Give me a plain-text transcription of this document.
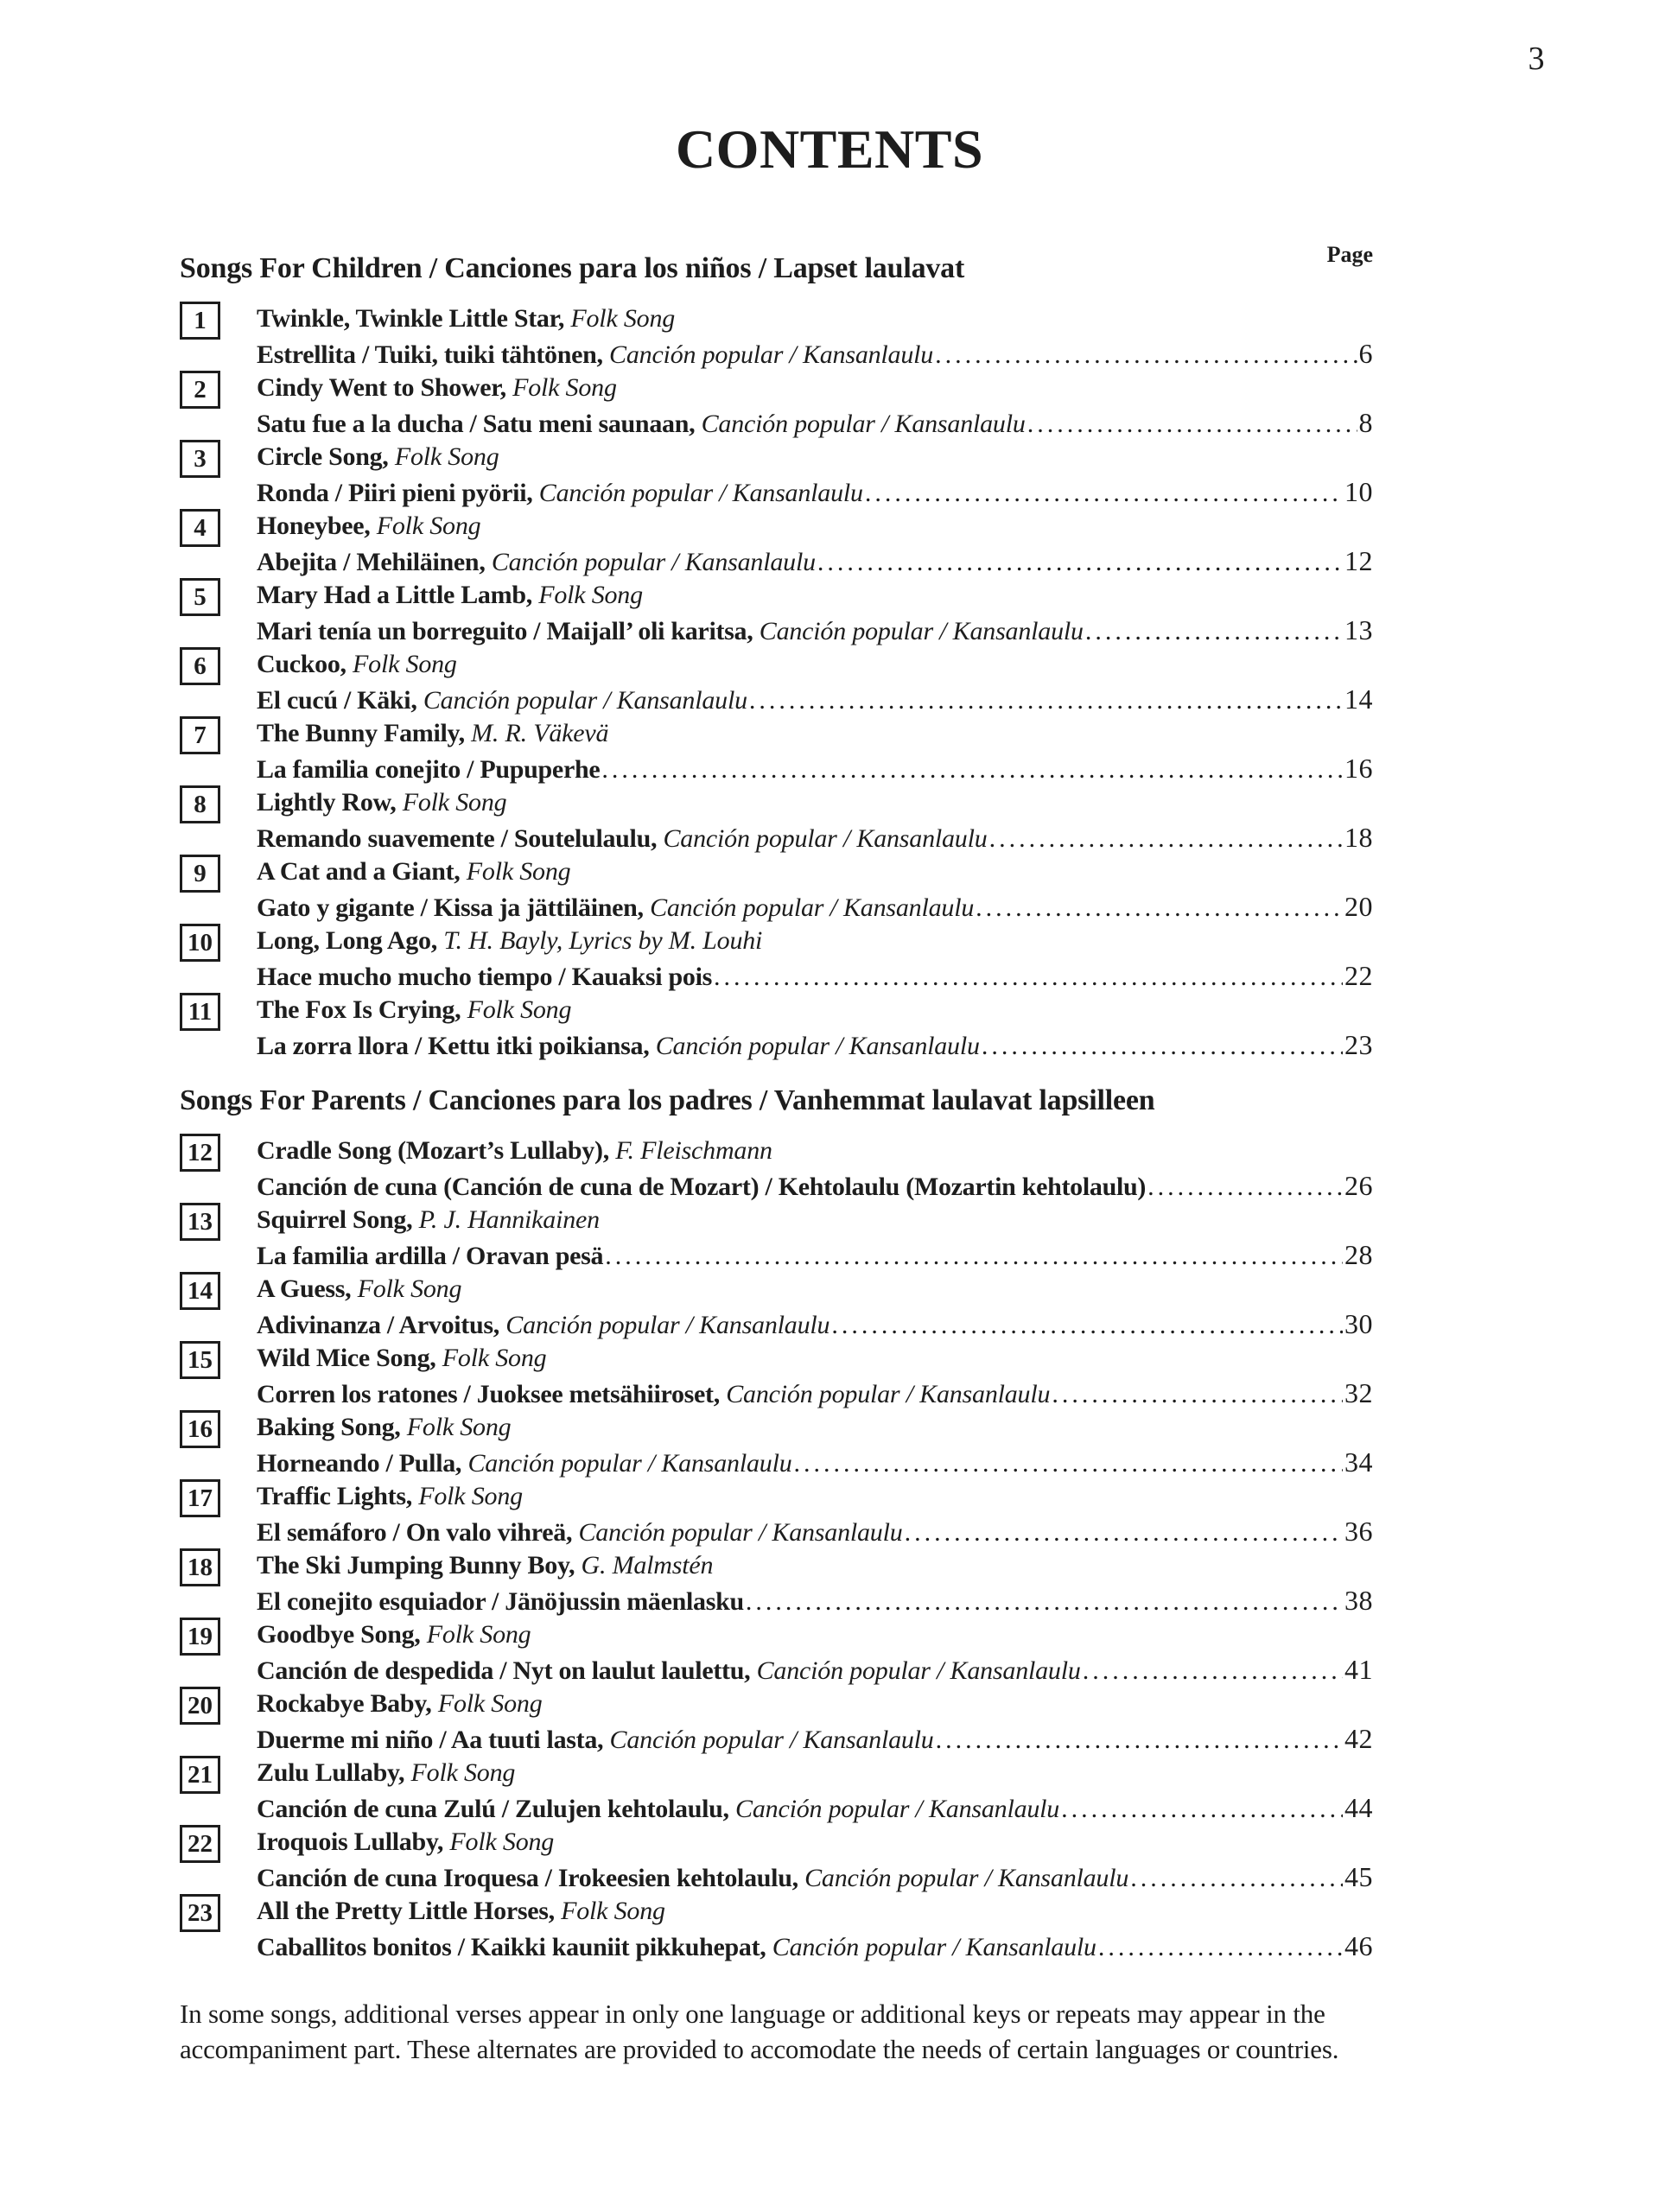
3
CONTENTS
Page
Songs For Children / Canciones para los niños / Lapset laulavat
1 Twinkle, Twinkle Little Star, Folk Song
Estrellita / Tuiki, tuiki tähtönen, Canción popular / Kansanlaulu .....	6
2 Cindy Went to Shower, Folk Song
Satu fue a la ducha / Satu meni saunaan, Canción popular / Kansanlaulu .....	8
3 Circle Song, Folk Song
Ronda / Piiri pieni pyörii, Canción popular / Kansanlaulu .....	10
4 Honeybee, Folk Song
Abejita / Mehiläinen, Canción popular / Kansanlaulu .....	12
5 Mary Had a Little Lamb, Folk Song
Mari tenía un borreguito / Maijall’ oli karitsa, Canción popular / Kansanlaulu .....	13
6 Cuckoo, Folk Song
El cucú / Käki, Canción popular / Kansanlaulu .....	14
7 The Bunny Family, M. R. Väkevä
La familia conejito / Pupuperhe .....	16
8 Lightly Row, Folk Song
Remando suavemente / Soutelulaulu, Canción popular / Kansanlaulu .....	18
9 A Cat and a Giant, Folk Song
Gato y gigante / Kissa ja jättiläinen, Canción popular / Kansanlaulu .....	20
10 Long, Long Ago, T. H. Bayly, Lyrics by M. Louhi
Hace mucho mucho tiempo / Kauaksi pois .....	22
11 The Fox Is Crying, Folk Song
La zorra llora / Kettu itki poikiansa, Canción popular / Kansanlaulu .....	23
Songs For Parents / Canciones para los padres / Vanhemmat laulavat lapsilleen
12 Cradle Song (Mozart’s Lullaby), F. Fleischmann
Canción de cuna (Canción de cuna de Mozart) / Kehtolaulu (Mozartin kehtolaulu) .....	26
13 Squirrel Song, P. J. Hannikainen
La familia ardilla / Oravan pesä .....	28
14 A Guess, Folk Song
Adivinanza / Arvoitus, Canción popular / Kansanlaulu .....	30
15 Wild Mice Song, Folk Song
Corren los ratones / Juoksee metsähiiroset, Canción popular / Kansanlaulu .....	32
16 Baking Song, Folk Song
Horneando / Pulla, Canción popular / Kansanlaulu .....	34
17 Traffic Lights, Folk Song
El semáforo / On valo vihreä, Canción popular / Kansanlaulu .....	36
18 The Ski Jumping Bunny Boy, G. Malmstén
El conejito esquiador / Jänöjussin mäenlasku .....	38
19 Goodbye Song, Folk Song
Canción de despedida / Nyt on laulut laulettu, Canción popular / Kansanlaulu .....	41
20 Rockabye Baby, Folk Song
Duerme mi niño / Aa tuuti lasta, Canción popular / Kansanlaulu .....	42
21 Zulu Lullaby, Folk Song
Canción de cuna Zulú / Zulujen kehtolaulu, Canción popular / Kansanlaulu .....	44
22 Iroquois Lullaby, Folk Song
Canción de cuna Iroquesa / Irokeesien kehtolaulu, Canción popular / Kansanlaulu .....	45
23 All the Pretty Little Horses, Folk Song
Caballitos bonitos / Kaikki kauniit pikkuhepat, Canción popular / Kansanlaulu .....	46

In some songs, additional verses appear in only one language or additional keys or repeats may appear in the
accompaniment part. These alternates are provided to accomodate the needs of certain languages or countries.
